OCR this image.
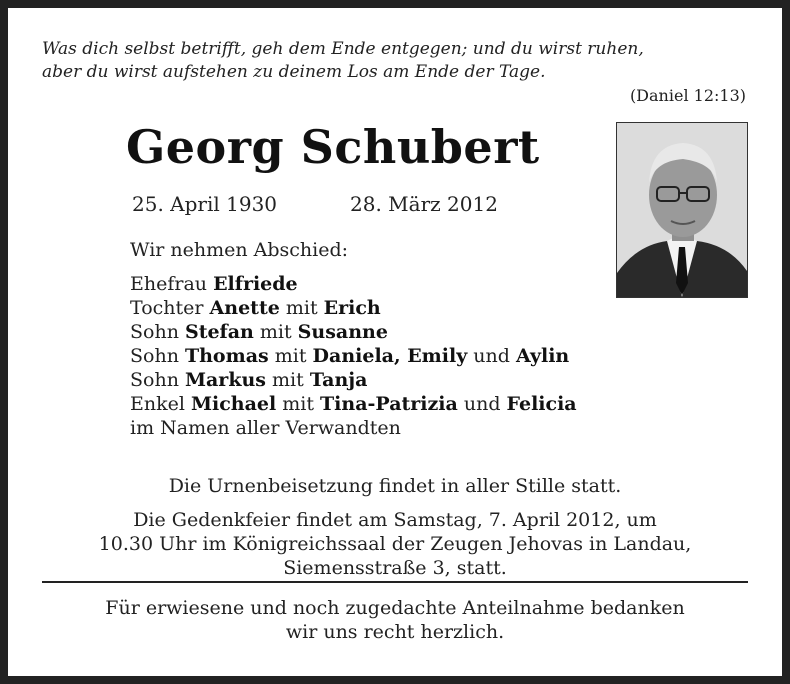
Was dich selbst betrifft, geh dem Ende entgegen; und du wirst ruhen,
aber du wirst aufstehen zu deinem Los am Ende der Tage.
(Daniel 12:13)
Georg Schubert
25. April 1930	28. März 2012
Wir nehmen Abschied:
Ehefrau Elfriede
Tochter Anette mit Erich
Sohn Stefan mit Susanne
Sohn Thomas mit Daniela, Emily und Aylin
Sohn Markus mit Tanja
Enkel Michael mit Tina-Patrizia und Felicia
im Namen aller Verwandten
Die Urnenbeisetzung findet in aller Stille statt.
Die Gedenkfeier findet am Samstag, 7. April 2012, um
10.30 Uhr im Königreichssaal der Zeugen Jehovas in Landau,
Siemensstraße 3, statt.
Für erwiesene und noch zugedachte Anteilnahme bedanken
wir uns recht herzlich.
